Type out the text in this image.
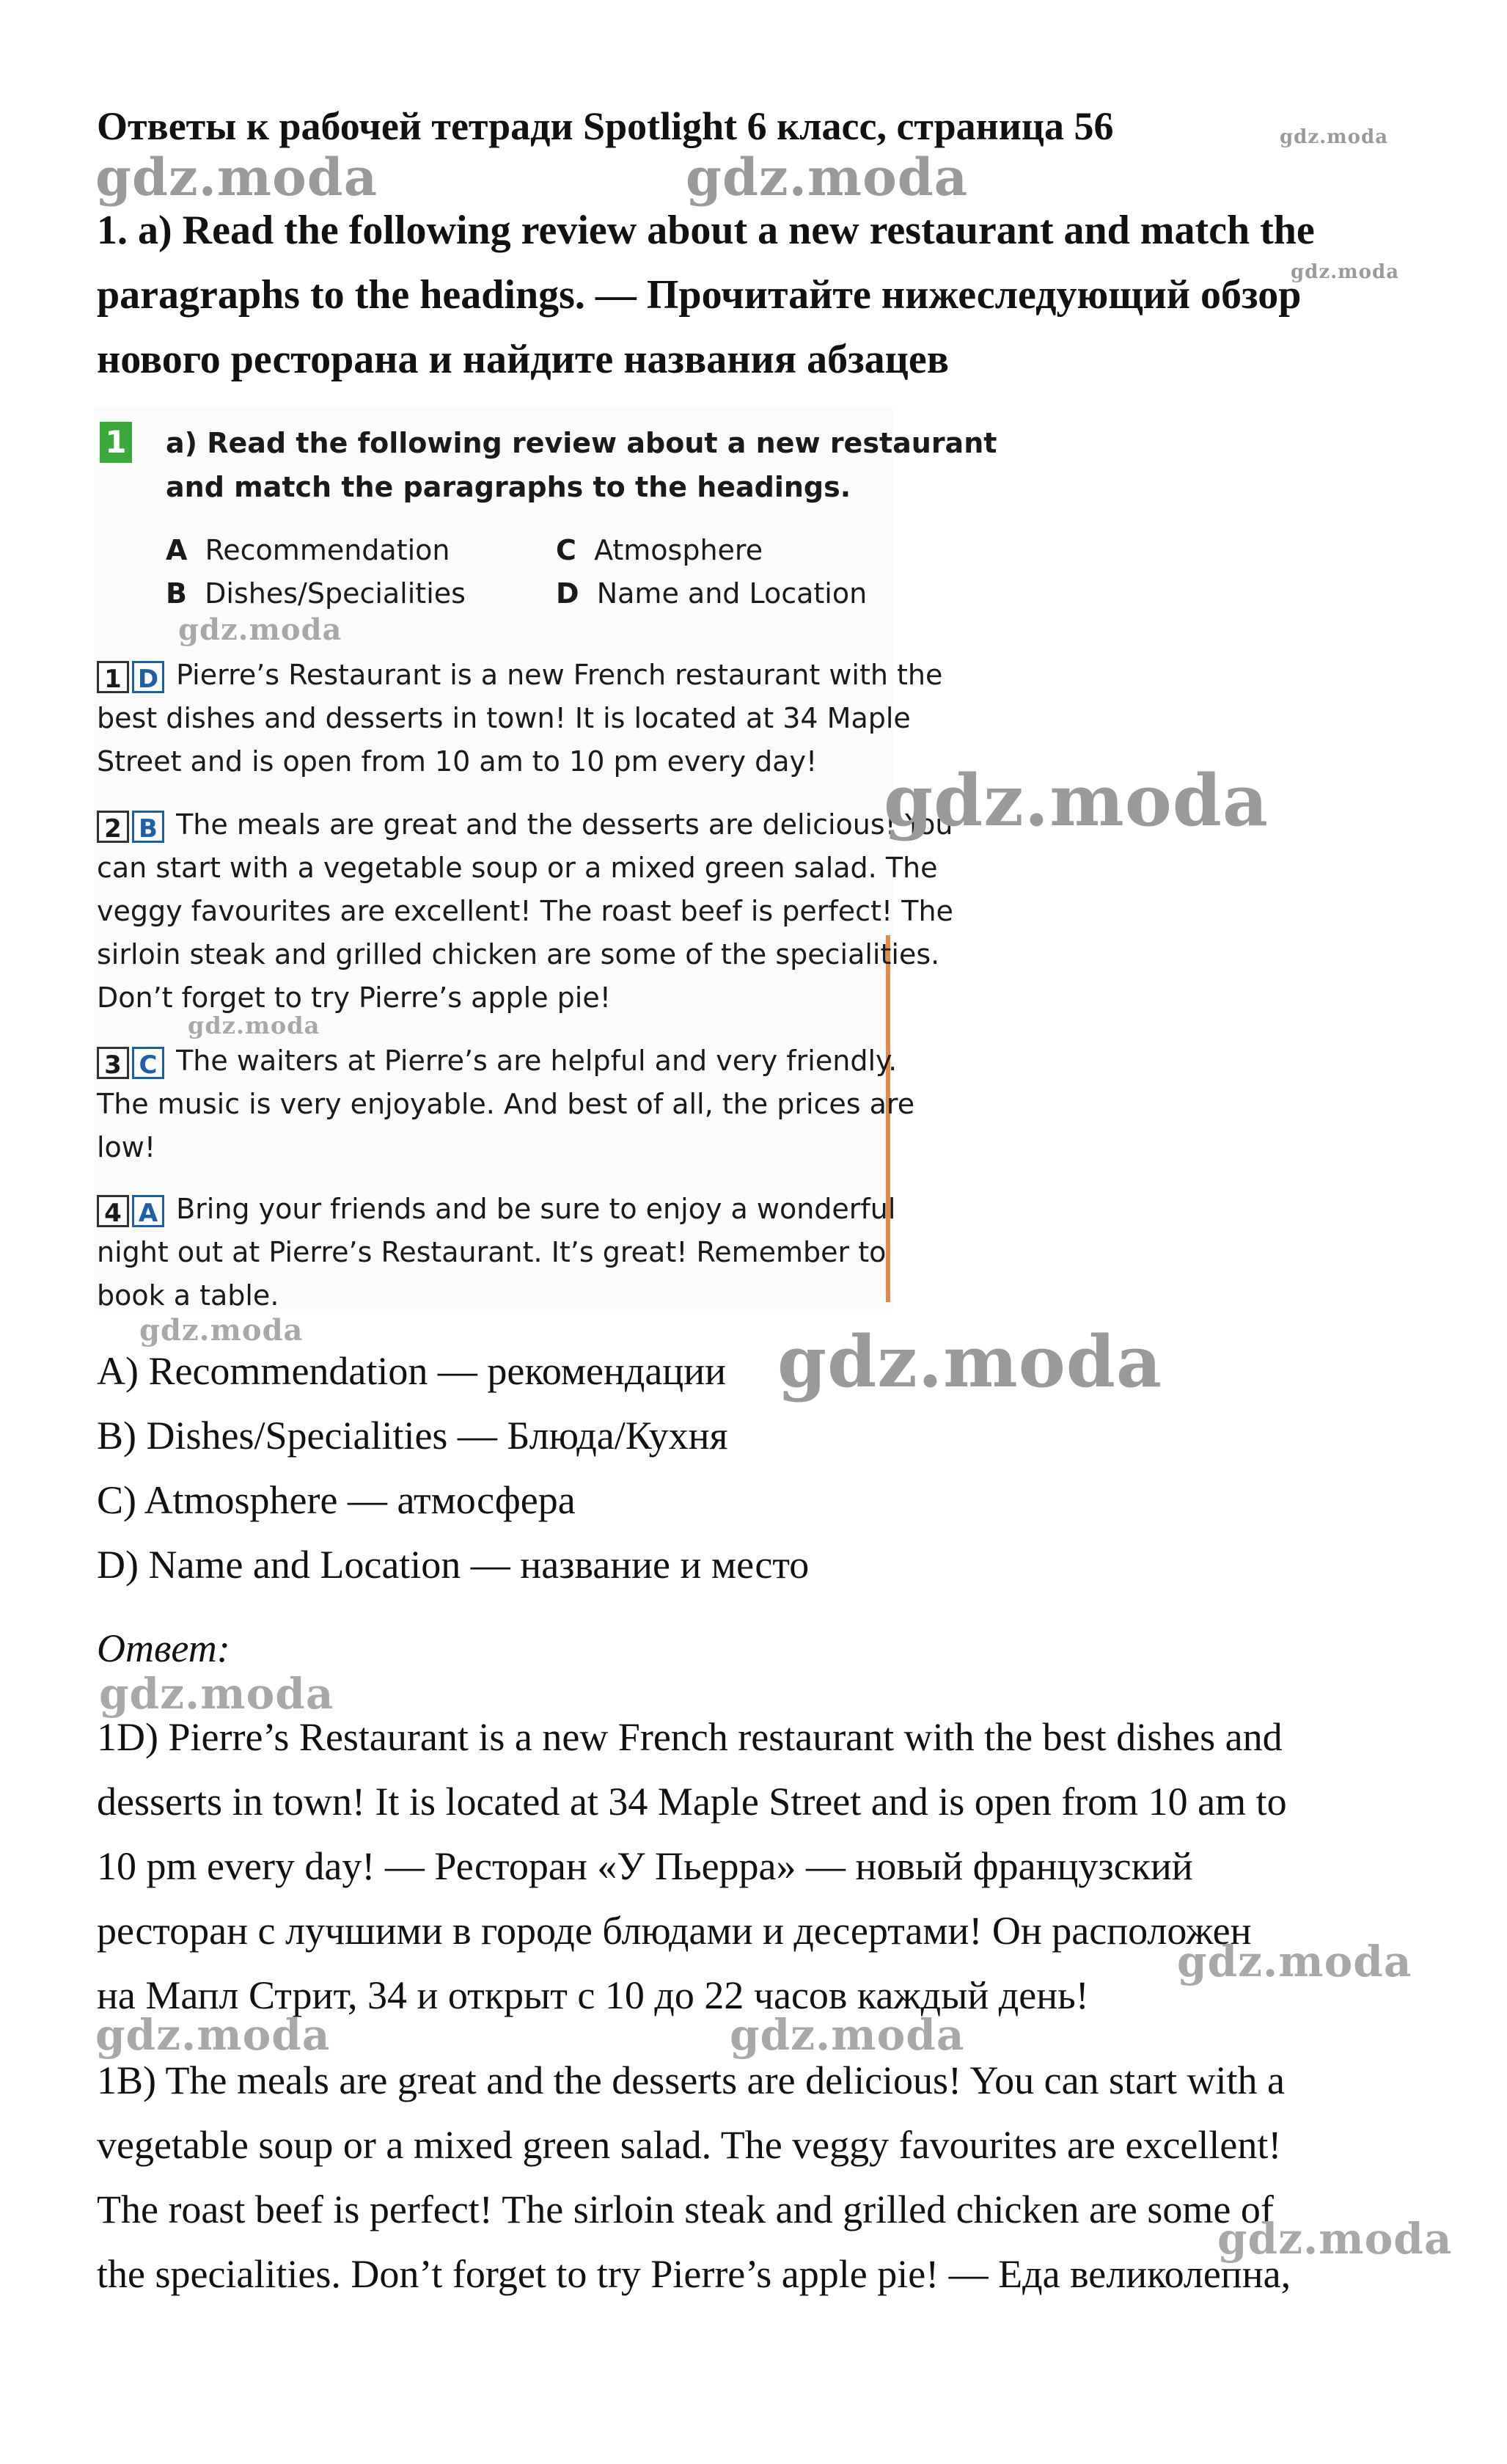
Ответы к рабочей тетради Spotlight 6 класс, страница 56	gdz.moda
gdz.moda	gdz.moda
1. a) Read the following review about a new restaurant and match the
paragraphs to the headings. — Прочитайте нижеследующий обзор
gdz.moda
нового ресторана и найдите названия абзацев
1 a) Read the following review about a new restaurant
and match the paragraphs to the headings.
A Recommendation	C Atmosphere
B Dishes/Specialities	D Name and Location
gdz.moda
1 D Pierre’s Restaurant is a new French restaurant with the
best dishes and desserts in town! It is located at 34 Maple
Street and is open from 10 am to 10 pm every day!
2 B The meals are great and the desserts are delicious! You
can start with a vegetable soup or a mixed green salad. The
veggy favourites are excellent! The roast beef is perfect! The
sirloin steak and grilled chicken are some of the specialities.
Don’t forget to try Pierre’s apple pie!
gdz.moda
3 C The waiters at Pierre’s are helpful and very friendly.
The music is very enjoyable. And best of all, the prices are
low!
4 A Bring your friends and be sure to enjoy a wonderful
night out at Pierre’s Restaurant. It’s great! Remember to
book a table.
gdz.moda
gdz.moda
A) Recommendation — рекомендации gdz.moda
B) Dishes/Specialities — Блюда/Кухня
C) Atmosphere — атмосфера
D) Name and Location — название и место
Ответ:
gdz.moda
1D) Pierre’s Restaurant is a new French restaurant with the best dishes and
desserts in town! It is located at 34 Maple Street and is open from 10 am to
10 pm every day! — Ресторан «У Пьерра» — новый французский
ресторан с лучшими в городе блюдами и десертами! Он расположен
gdz.moda
на Мапл Стрит, 34 и открыт с 10 до 22 часов каждый день!
gdz.moda	gdz.moda
1B) The meals are great and the desserts are delicious! You can start with a
vegetable soup or a mixed green salad. The veggy favourites are excellent!
The roast beef is perfect! The sirloin steak and grilled chicken are some of
gdz.moda
the specialities. Don’t forget to try Pierre’s apple pie! — Еда великолепна,
